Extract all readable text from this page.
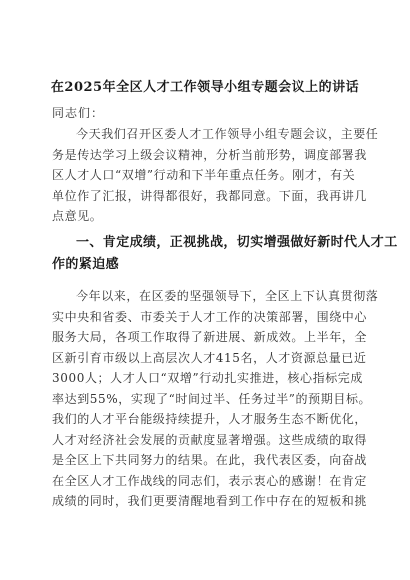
在2025年全区人才工作领导小组专题会议上的讲话
同志们：
今天我们召开区委人才工作领导小组专题会议，主要任
务是传达学习上级会议精神，分析当前形势，调度部署我
区人才人口“双增”行动和下半年重点任务。刚才，有关
单位作了汇报，讲得都很好，我都同意。下面，我再讲几
点意见。
一、肯定成绩，正视挑战，切实增强做好新时代人才工
作的紧迫感
今年以来，在区委的坚强领导下，全区上下认真贯彻落
实中央和省委、市委关于人才工作的决策部署，围绕中心
服务大局，各项工作取得了新进展、新成效。上半年，全
区新引育市级以上高层次人才415名，人才资源总量已近
3000人；人才人口“双增”行动扎实推进，核心指标完成
率达到55%，实现了“时间过半、任务过半”的预期目标。
我们的人才平台能级持续提升，人才服务生态不断优化，
人才对经济社会发展的贡献度显著增强。这些成绩的取得
是全区上下共同努力的结果。在此，我代表区委，向奋战
在全区人才工作战线的同志们，表示衷心的感谢！在肯定
成绩的同时，我们更要清醒地看到工作中存在的短板和挑
